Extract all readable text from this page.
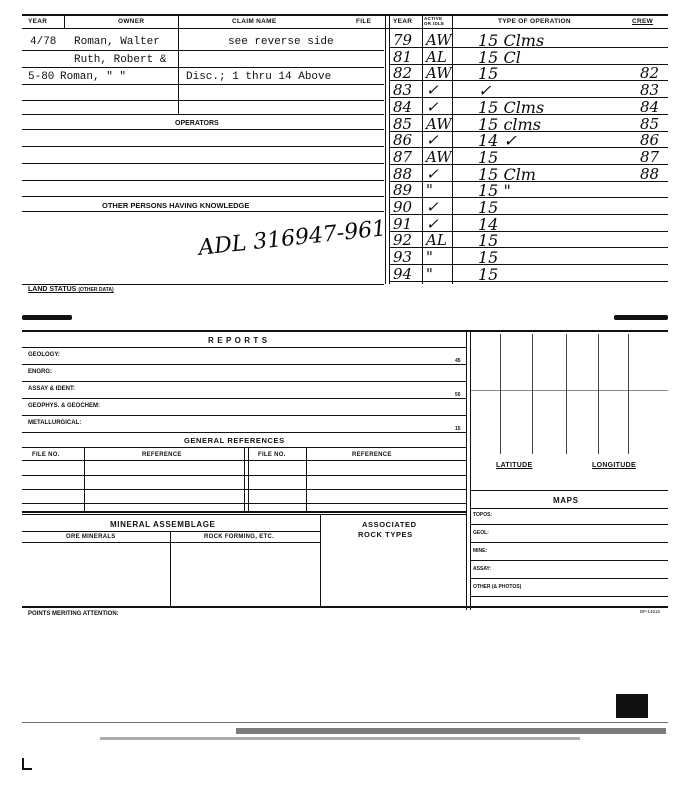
YEAR	OWNER	CLAIM NAME	FILE	YEAR	ACTIVE OR IDLE	TYPE OF OPERATION	CREW
4/78 Roman, Walter	see reverse side
Ruth, Robert &
5-80 Roman, " "	Disc.; 1 thru 14 Above
OPERATORS
OTHER PERSONS HAVING KNOWLEDGE
ADL 316947-961
79 AW 15 Clms
81 AL 15 Cl
82 AW 15	82
83 ✓ ✓	83
84 ✓ 15 Clms	84
85 AW 15 clms	85
86 ✓ 14 ✓	86
87 AW 15	87
88 ✓ 15 Clm	88
89 "	15 "
90 ✓ 15
91 ✓ 14
92 AL 15
93 "	15
94 "	15
LAND STATUS (OTHER DATA)
R E P O R T S
GEOLOGY:
45
ENGRG:
ASSAY & IDENT:
50
GEOPHYS. & GEOCHEM:
METALLURGICAL:
15
GENERAL REFERENCES
FILE NO.	REFERENCE	FILE NO.	REFERENCE
LATITUDE	LONGITUDE
MAPS
TOPOS:
GEOL:
MINE:
ASSAY:
OTHER (& PHOTOS)
MINERAL ASSEMBLAGE
ORE MINERALS	ROCK FORMING, ETC.
ASSOCIATED
ROCK TYPES
POINTS MERITING ATTENTION:	BP-14616
